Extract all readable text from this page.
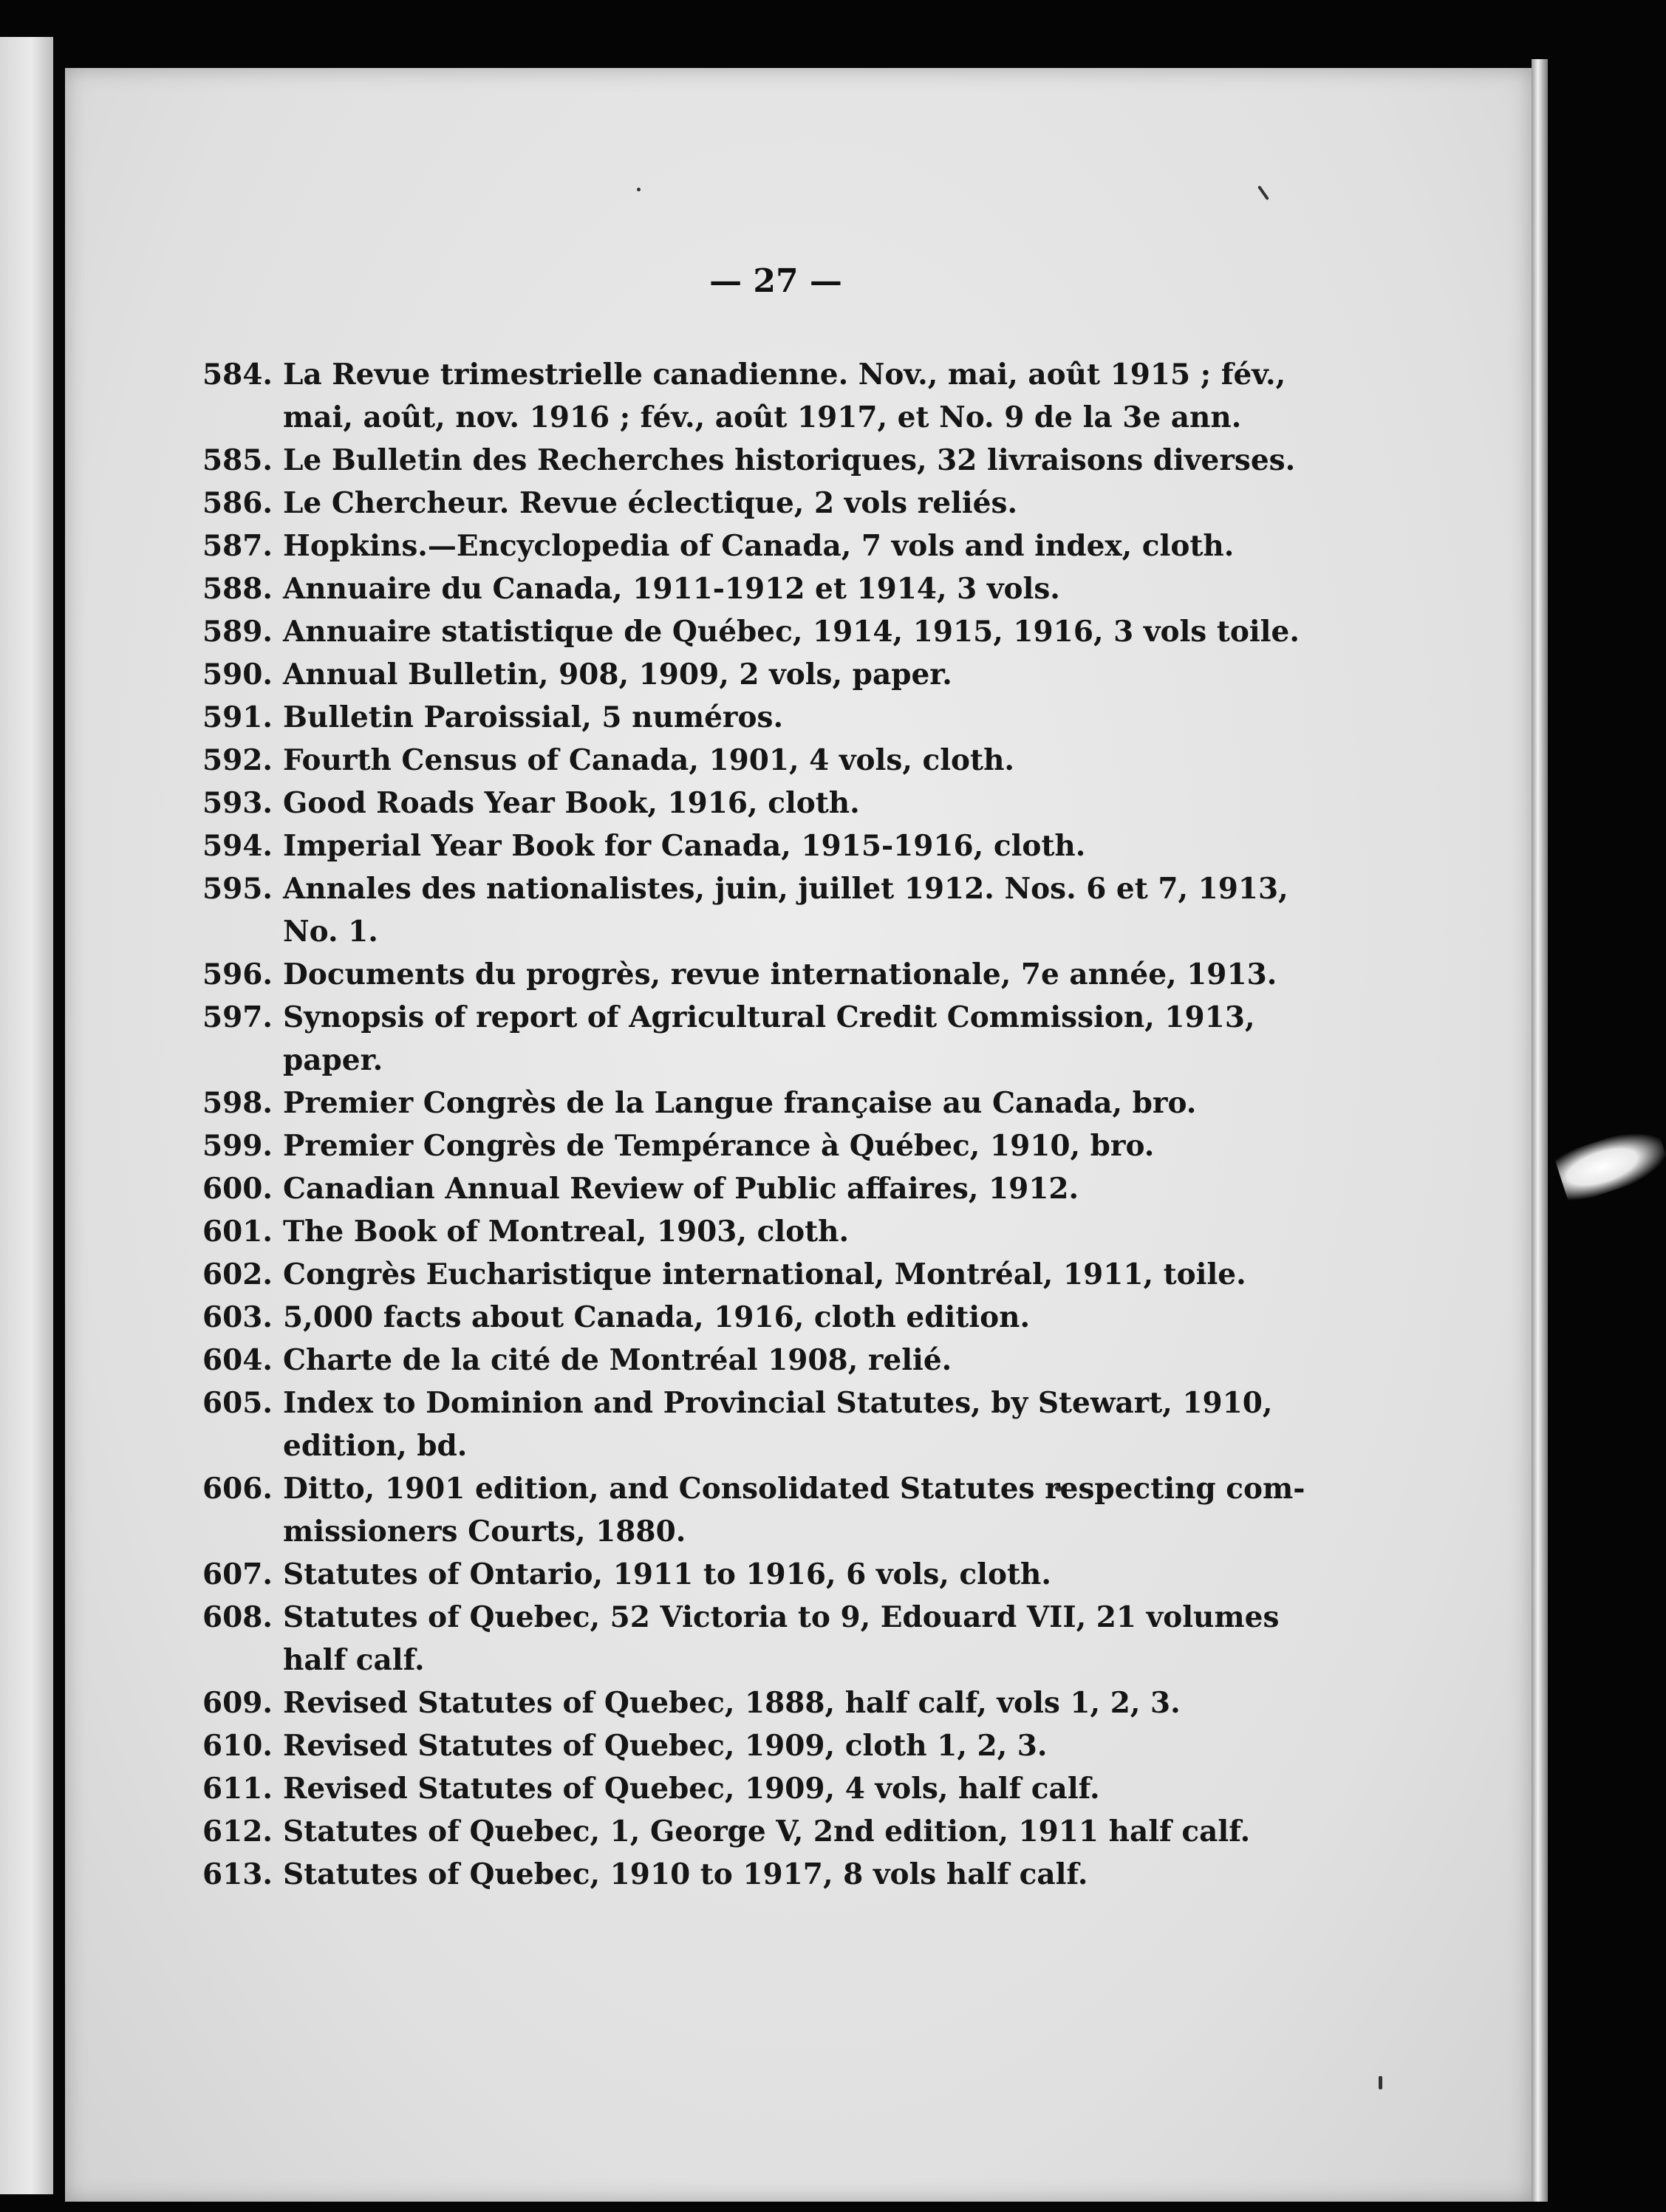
— 27 —
584. La Revue trimestrielle canadienne. Nov., mai, août 1915 ; fév.,
mai, août, nov. 1916 ; fév., août 1917, et No. 9 de la 3e ann.
585. Le Bulletin des Recherches historiques, 32 livraisons diverses.
586. Le Chercheur. Revue éclectique, 2 vols reliés.
587. Hopkins.—Encyclopedia of Canada, 7 vols and index, cloth.
588. Annuaire du Canada, 1911-1912 et 1914, 3 vols.
589. Annuaire statistique de Québec, 1914, 1915, 1916, 3 vols toile.
590. Annual Bulletin, 908, 1909, 2 vols, paper.
591. Bulletin Paroissial, 5 numéros.
592. Fourth Census of Canada, 1901, 4 vols, cloth.
593. Good Roads Year Book, 1916, cloth.
594. Imperial Year Book for Canada, 1915-1916, cloth.
595. Annales des nationalistes, juin, juillet 1912. Nos. 6 et 7, 1913,
No. 1.
596. Documents du progrès, revue internationale, 7e année, 1913.
597. Synopsis of report of Agricultural Credit Commission, 1913,
paper.
598. Premier Congrès de la Langue française au Canada, bro.
599. Premier Congrès de Tempérance à Québec, 1910, bro.
600. Canadian Annual Review of Public affaires, 1912.
601. The Book of Montreal, 1903, cloth.
602. Congrès Eucharistique international, Montréal, 1911, toile.
603. 5,000 facts about Canada, 1916, cloth edition.
604. Charte de la cité de Montréal 1908, relié.
605. Index to Dominion and Provincial Statutes, by Stewart, 1910,
edition, bd.
606. Ditto, 1901 edition, and Consolidated Statutes respecting com-
missioners Courts, 1880.
607. Statutes of Ontario, 1911 to 1916, 6 vols, cloth.
608. Statutes of Quebec, 52 Victoria to 9, Edouard VII, 21 volumes
half calf.
609. Revised Statutes of Quebec, 1888, half calf, vols 1, 2, 3.
610. Revised Statutes of Quebec, 1909, cloth 1, 2, 3.
611. Revised Statutes of Quebec, 1909, 4 vols, half calf.
612. Statutes of Quebec, 1, George V, 2nd edition, 1911 half calf.
613. Statutes of Quebec, 1910 to 1917, 8 vols half calf.
